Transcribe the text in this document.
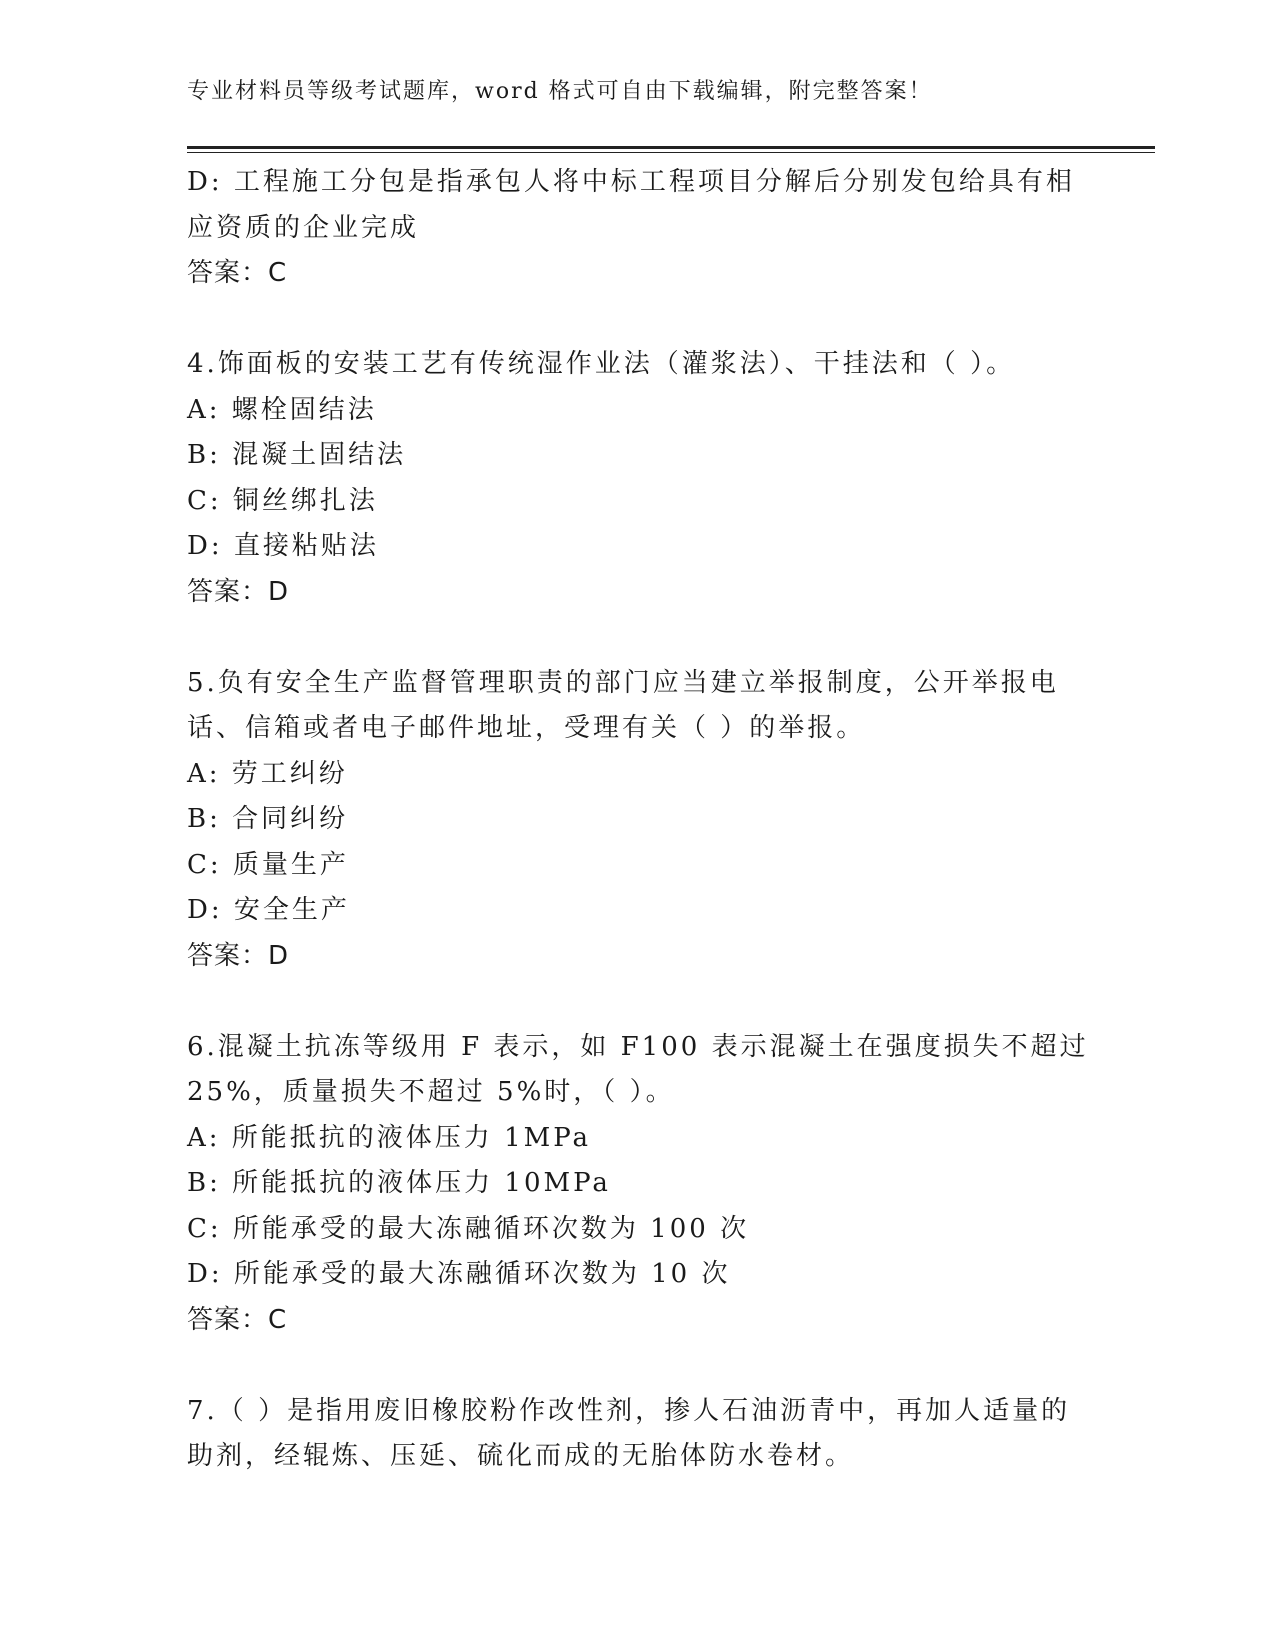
专业材料员等级考试题库，word 格式可自由下载编辑，附完整答案！
D: 工程施工分包是指承包人将中标工程项目分解后分别发包给具有相
应资质的企业完成
答案：C
4.饰面板的安装工艺有传统湿作业法（灌浆法）、干挂法和（ ）。
A: 螺栓固结法
B: 混凝土固结法
C: 铜丝绑扎法
D: 直接粘贴法
答案：D
5.负有安全生产监督管理职责的部门应当建立举报制度，公开举报电
话、信箱或者电子邮件地址，受理有关（ ）的举报。
A: 劳工纠纷
B: 合同纠纷
C: 质量生产
D: 安全生产
答案：D
6.混凝土抗冻等级用 F 表示，如 F100 表示混凝土在强度损失不超过
25%，质量损失不超过 5%时，（ ）。
A: 所能抵抗的液体压力 1MPa
B: 所能抵抗的液体压力 10MPa
C: 所能承受的最大冻融循环次数为 100 次
D: 所能承受的最大冻融循环次数为 10 次
答案：C
7.（ ）是指用废旧橡胶粉作改性剂，掺人石油沥青中，再加人适量的
助剂，经辊炼、压延、硫化而成的无胎体防水卷材。
